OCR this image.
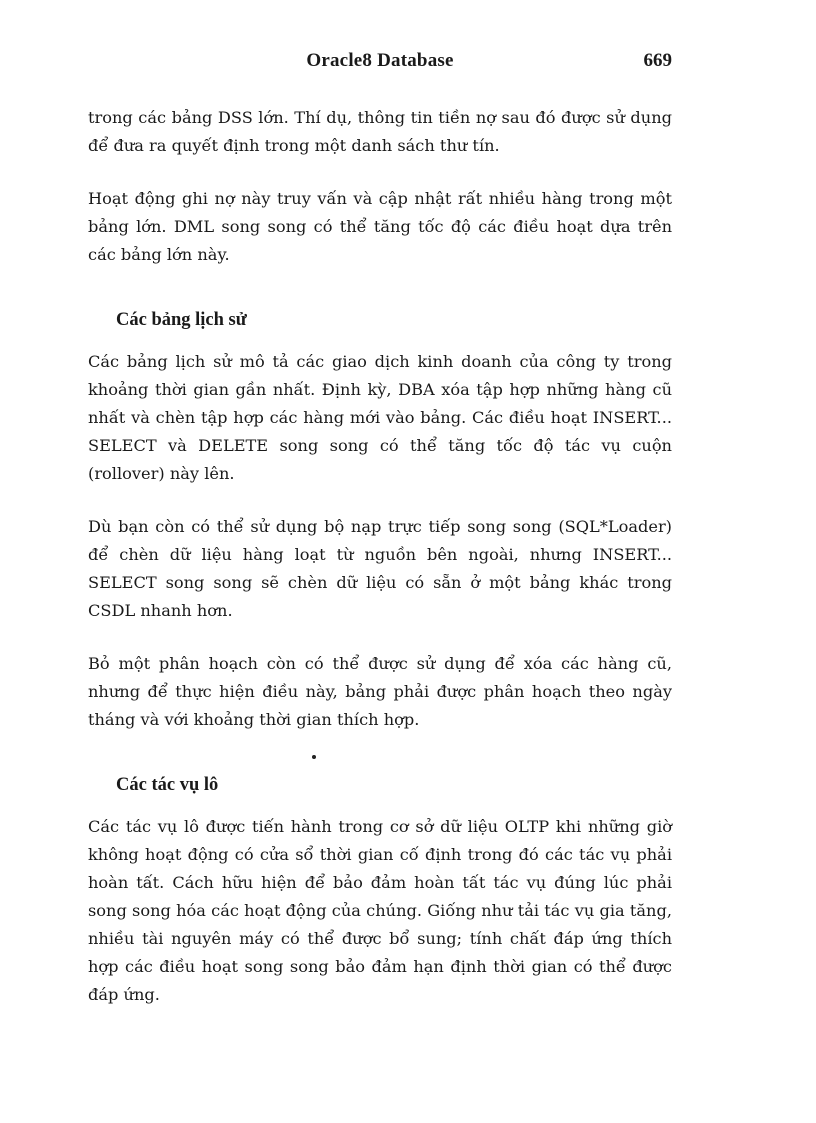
Oracle8 Database	669

trong các bảng DSS lớn. Thí dụ, thông tin tiền nợ sau đó được sử dụng để đưa ra quyết định trong một danh sách thư tín.

Hoạt động ghi nợ này truy vấn và cập nhật rất nhiều hàng trong một bảng lớn. DML song song có thể tăng tốc độ các điều hoạt dựa trên các bảng lớn này.

Các bảng lịch sử

Các bảng lịch sử mô tả các giao dịch kinh doanh của công ty trong khoảng thời gian gần nhất. Định kỳ, DBA xóa tập hợp những hàng cũ nhất và chèn tập hợp các hàng mới vào bảng. Các điều hoạt INSERT... SELECT và DELETE song song có thể tăng tốc độ tác vụ cuộn (rollover) này lên.

Dù bạn còn có thể sử dụng bộ nạp trực tiếp song song (SQL*Loader) để chèn dữ liệu hàng loạt từ nguồn bên ngoài, nhưng INSERT... SELECT song song sẽ chèn dữ liệu có sẵn ở một bảng khác trong CSDL nhanh hơn.

Bỏ một phân hoạch còn có thể được sử dụng để xóa các hàng cũ, nhưng để thực hiện điều này, bảng phải được phân hoạch theo ngày tháng và với khoảng thời gian thích hợp.

Các tác vụ lô

Các tác vụ lô được tiến hành trong cơ sở dữ liệu OLTP khi những giờ không hoạt động có cửa sổ thời gian cố định trong đó các tác vụ phải hoàn tất. Cách hữu hiện để bảo đảm hoàn tất tác vụ đúng lúc phải song song hóa các hoạt động của chúng. Giống như tải tác vụ gia tăng, nhiều tài nguyên máy có thể được bổ sung; tính chất đáp ứng thích hợp các điều hoạt song song bảo đảm hạn định thời gian có thể được đáp ứng.
